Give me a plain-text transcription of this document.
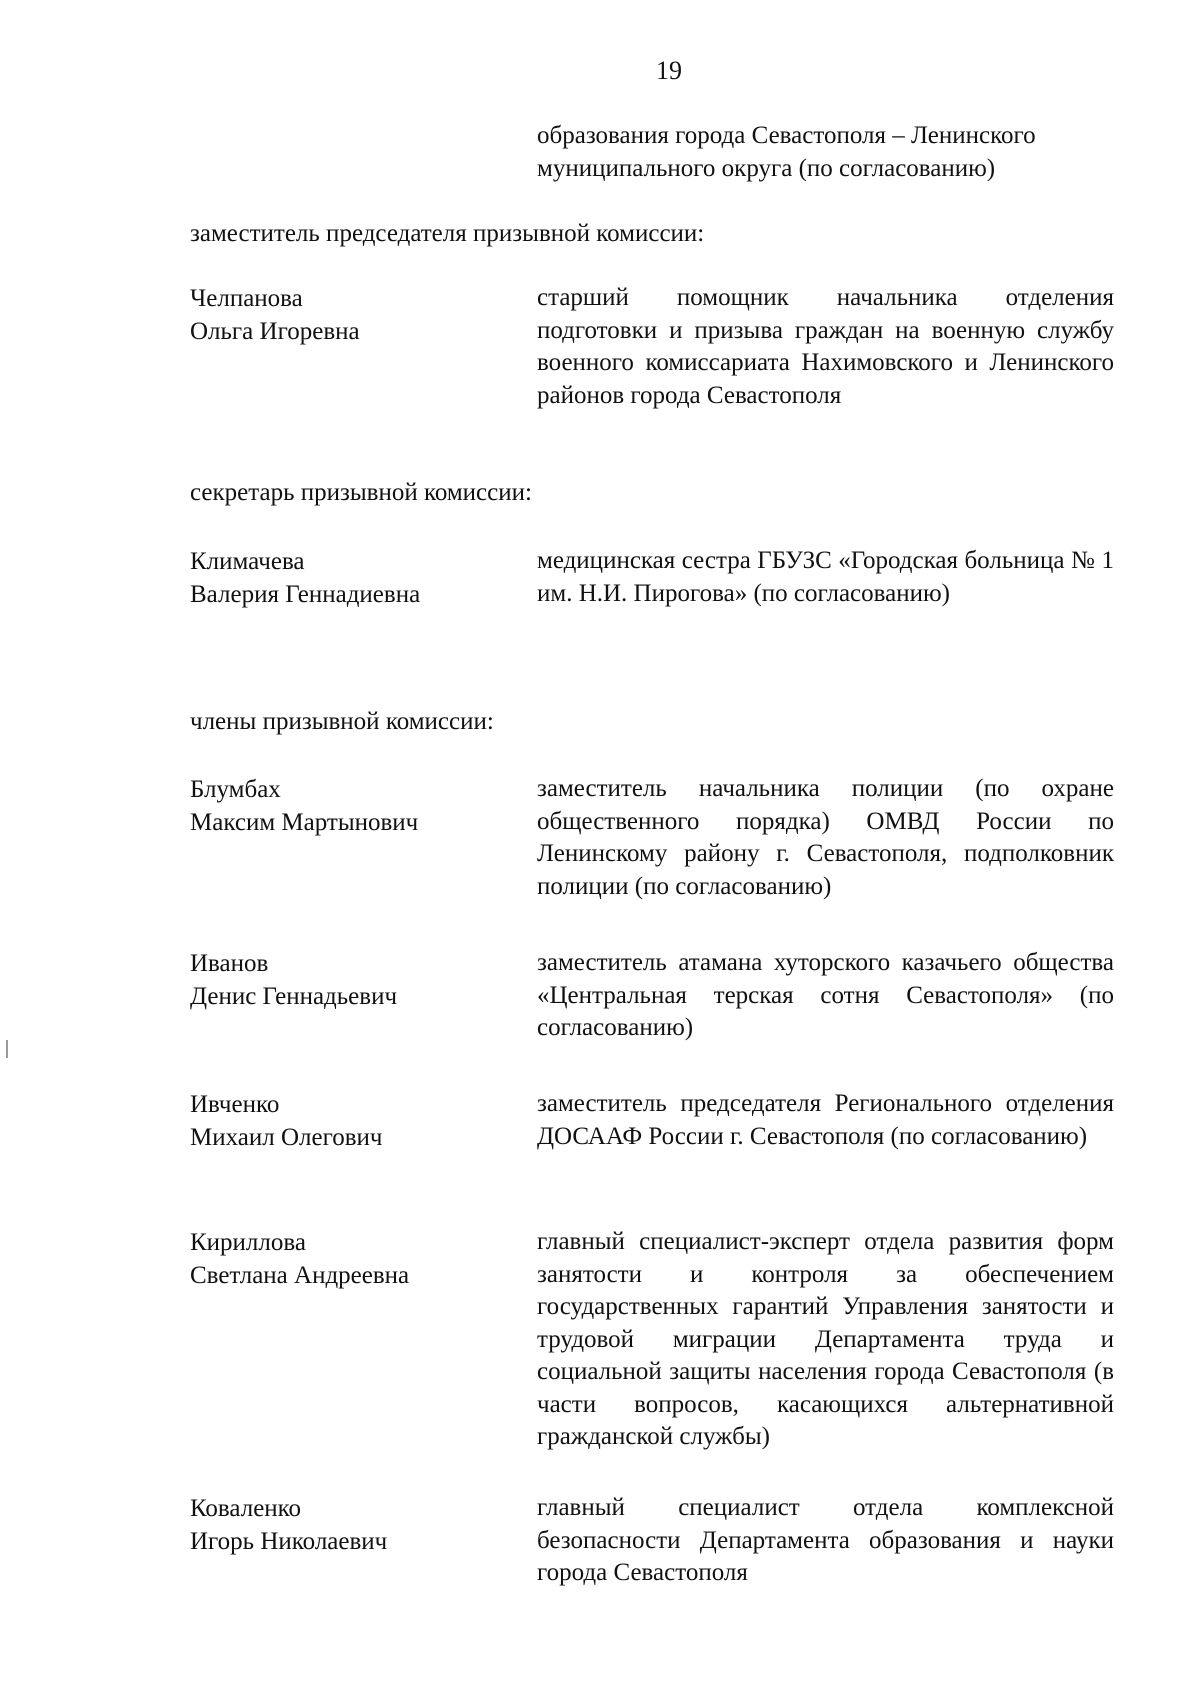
19
образования города Севастополя – Ленинского
муниципального округа (по согласованию)
заместитель председателя призывной комиссии:
Челпанова
Ольга Игоревна
старший помощник начальника отделения подготовки и призыва граждан на военную службу военного комиссариата Нахимовского и Ленинского районов города Севастополя
секретарь призывной комиссии:
Климачева
Валерия Геннадиевна
медицинская сестра ГБУЗС «Городская больница № 1 им. Н.И. Пирогова» (по согласованию)
члены призывной комиссии:
Блумбах
Максим Мартынович
заместитель начальника полиции (по охране общественного порядка) ОМВД России по Ленинскому району г. Севастополя, подполковник полиции (по согласованию)
Иванов
Денис Геннадьевич
заместитель атамана хуторского казачьего общества «Центральная терская сотня Севастополя» (по согласованию)
Ивченко
Михаил Олегович
заместитель председателя Регионального отделения ДОСААФ России г. Севастополя (по согласованию)
Кириллова
Светлана Андреевна
главный специалист-эксперт отдела развития форм занятости и контроля за обеспечением государственных гарантий Управления занятости и трудовой миграции Департамента труда и социальной защиты населения города Севастополя (в части вопросов, касающихся альтернативной гражданской службы)
Коваленко
Игорь Николаевич
главный специалист отдела комплексной безопасности Департамента образования и науки города Севастополя
